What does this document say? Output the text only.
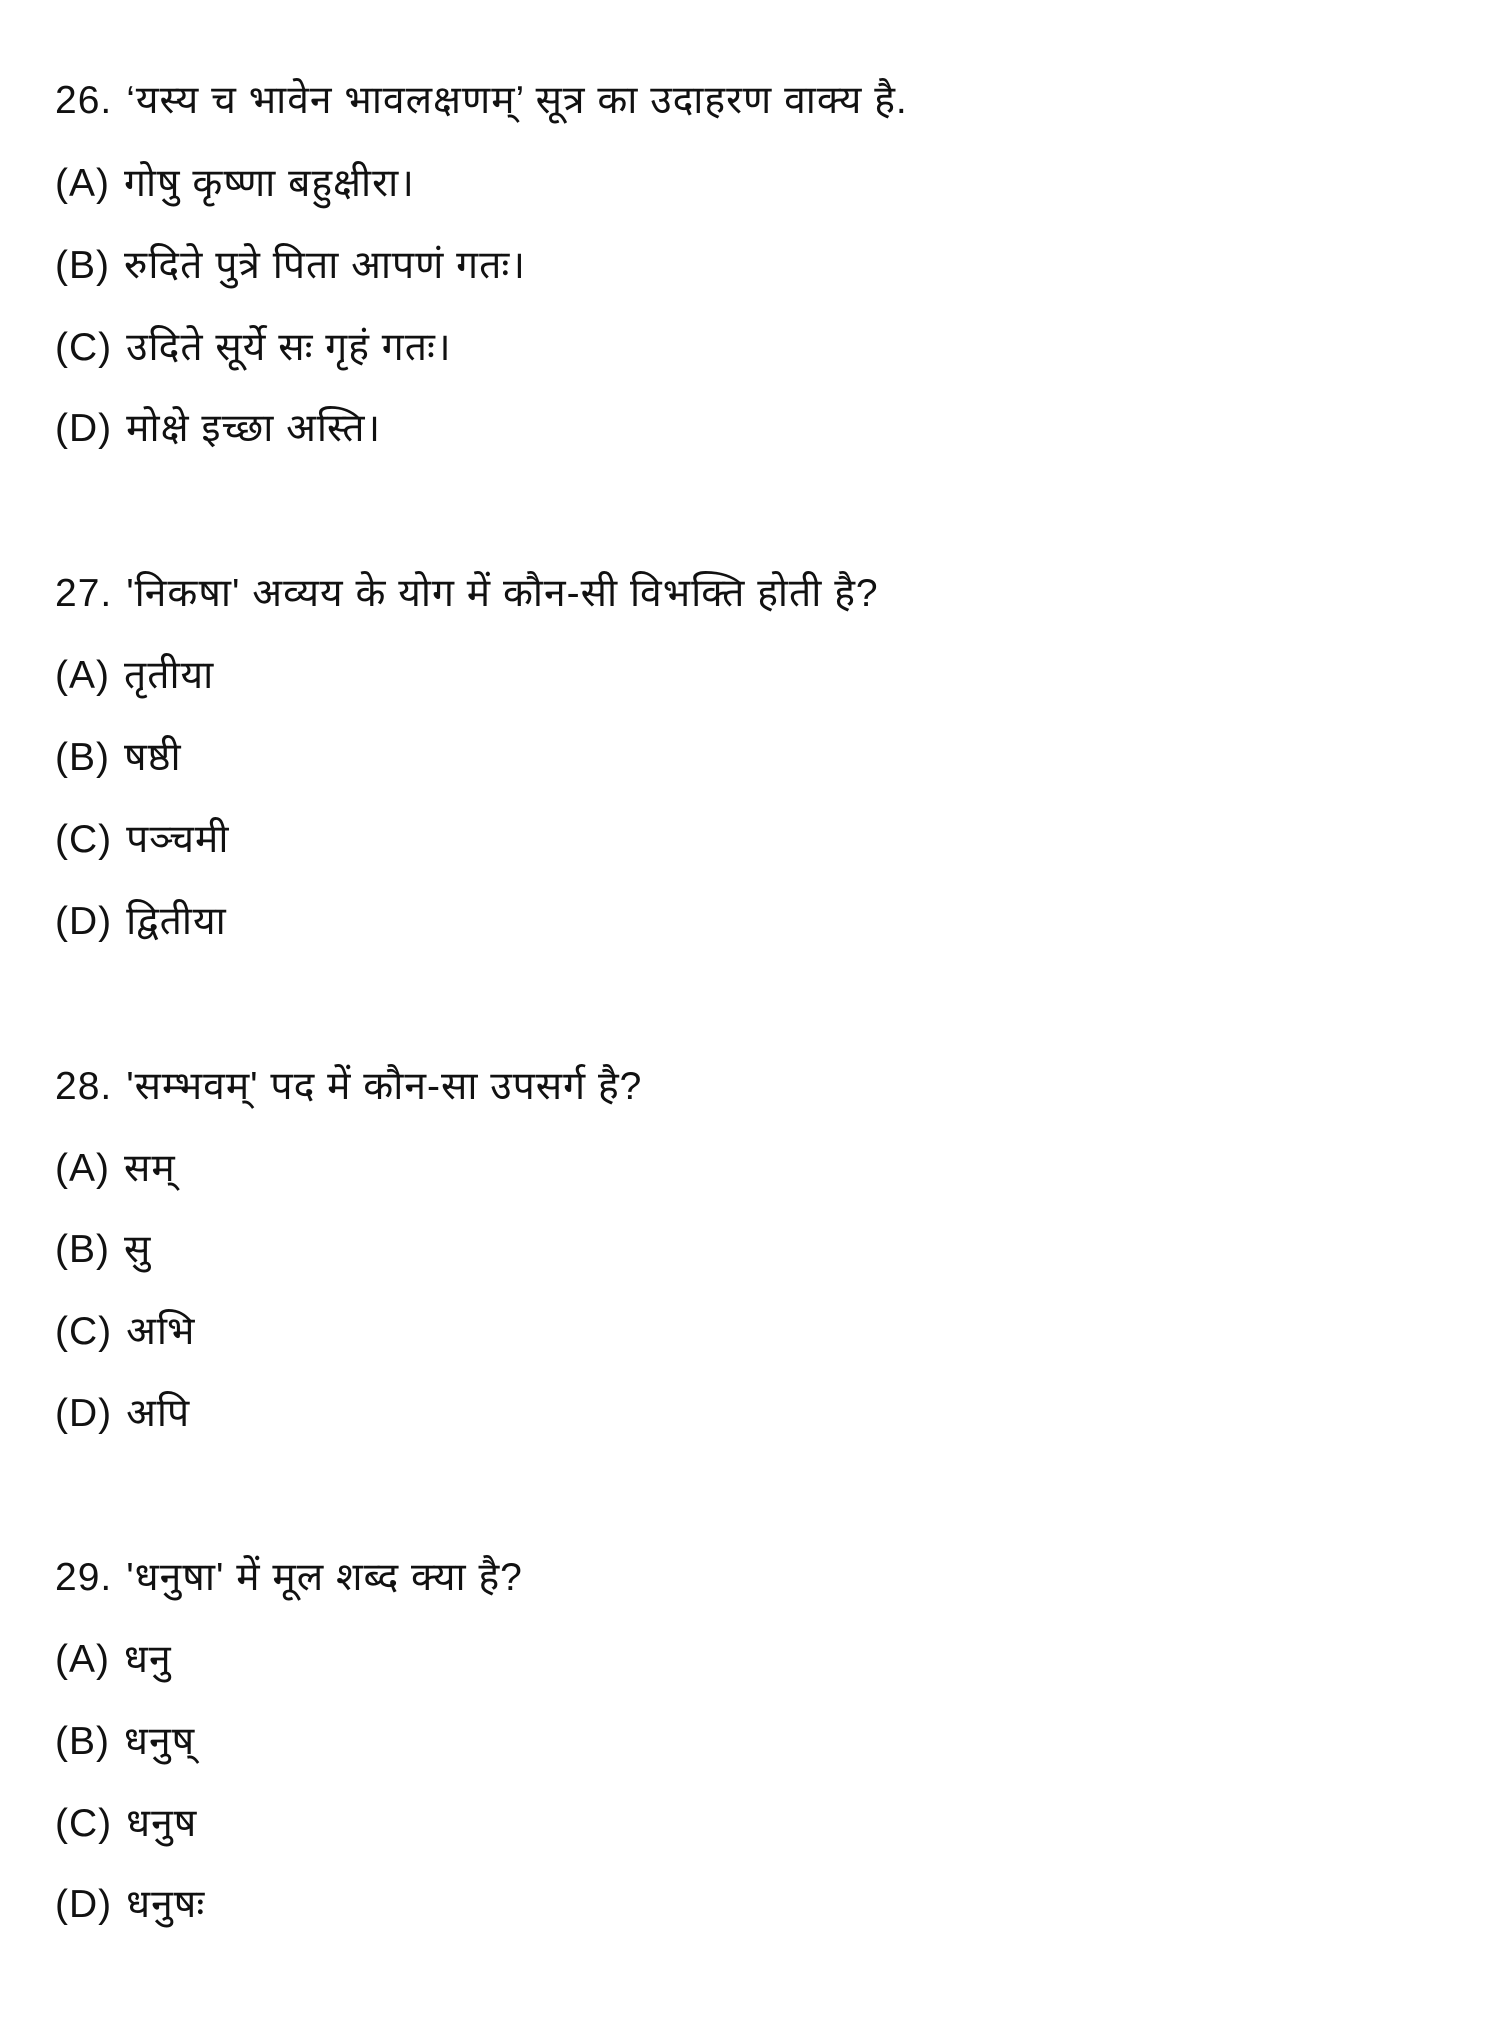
26. ‘यस्य च भावेन भावलक्षणम्’ सूत्र का उदाहरण वाक्य है.
(A) गोषु कृष्णा बहुक्षीरा।
(B) रुदिते पुत्रे पिता आपणं गतः।
(C) उदिते सूर्ये सः गृहं गतः।
(D) मोक्षे इच्छा अस्ति।
27. 'निकषा' अव्यय के योग में कौन-सी विभक्ति होती है?
(A) तृतीया
(B) षष्ठी
(C) पञ्चमी
(D) द्वितीया
28. 'सम्भवम्' पद में कौन-सा उपसर्ग है?
(A) सम्
(B) सु
(C) अभि
(D) अपि
29. 'धनुषा' में मूल शब्द क्या है?
(A) धनु
(B) धनुष्
(C) धनुष
(D) धनुषः
